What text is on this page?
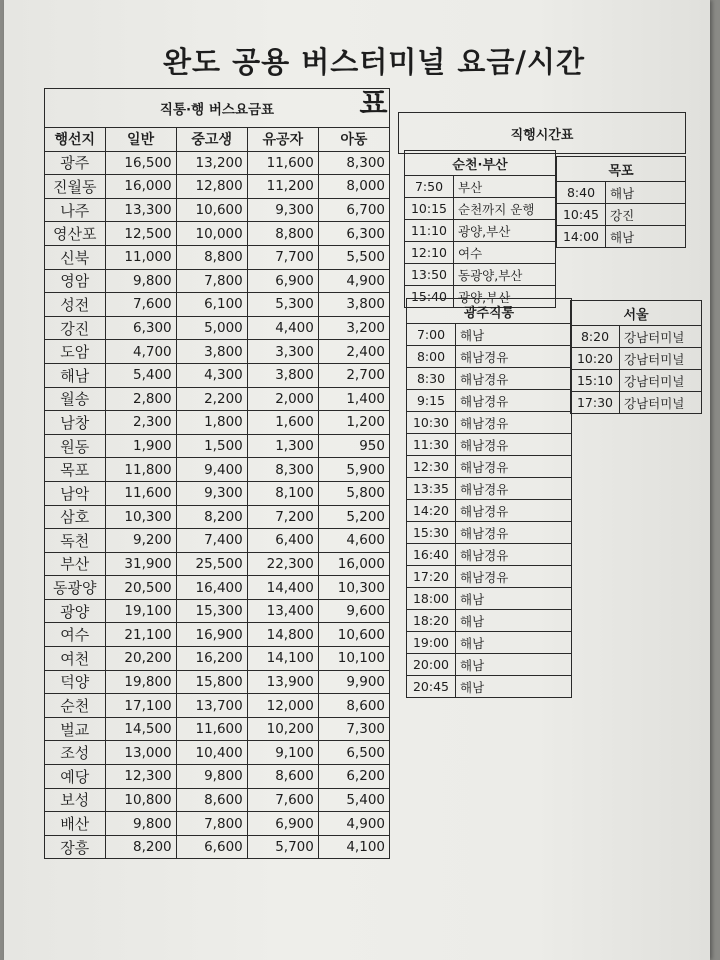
완도 공용 버스터미널 요금/시간표
직통·행 버스요금표				
행선지	일반	중고생	유공자	아동
광주	16,500	13,200	11,600	8,300
진월동	16,000	12,800	11,200	8,000
나주	13,300	10,600	9,300	6,700
영산포	12,500	10,000	8,800	6,300
신북	11,000	8,800	7,700	5,500
영암	9,800	7,800	6,900	4,900
성전	7,600	6,100	5,300	3,800
강진	6,300	5,000	4,400	3,200
도암	4,700	3,800	3,300	2,400
해남	5,400	4,300	3,800	2,700
월송	2,800	2,200	2,000	1,400
남창	2,300	1,800	1,600	1,200
원동	1,900	1,500	1,300	950
목포	11,800	9,400	8,300	5,900
남악	11,600	9,300	8,100	5,800
삼호	10,300	8,200	7,200	5,200
독천	9,200	7,400	6,400	4,600
부산	31,900	25,500	22,300	16,000
동광양	20,500	16,400	14,400	10,300
광양	19,100	15,300	13,400	9,600
여수	21,100	16,900	14,800	10,600
여천	20,200	16,200	14,100	10,100
덕양	19,800	15,800	13,900	9,900
순천	17,100	13,700	12,000	8,600
벌교	14,500	11,600	10,200	7,300
조성	13,000	10,400	9,100	6,500
예당	12,300	9,800	8,600	6,200
보성	10,800	8,600	7,600	5,400
배산	9,800	7,800	6,900	4,900
장흥	8,200	6,600	5,700	4,100
직행시간표
순천·부산	
7:50	부산
10:15	순천까지 운행
11:10	광양,부산
12:10	여수
13:50	동광양,부산
15:40	광양,부산
목포	
8:40	해남
10:45	강진
14:00	해남
광주직통	
7:00	해남
8:00	해남경유
8:30	해남경유
9:15	해남경유
10:30	해남경유
11:30	해남경유
12:30	해남경유
13:35	해남경유
14:20	해남경유
15:30	해남경유
16:40	해남경유
17:20	해남경유
18:00	해남
18:20	해남
19:00	해남
20:00	해남
20:45	해남
서울	
8:20	강남터미널
10:20	강남터미널
15:10	강남터미널
17:30	강남터미널
